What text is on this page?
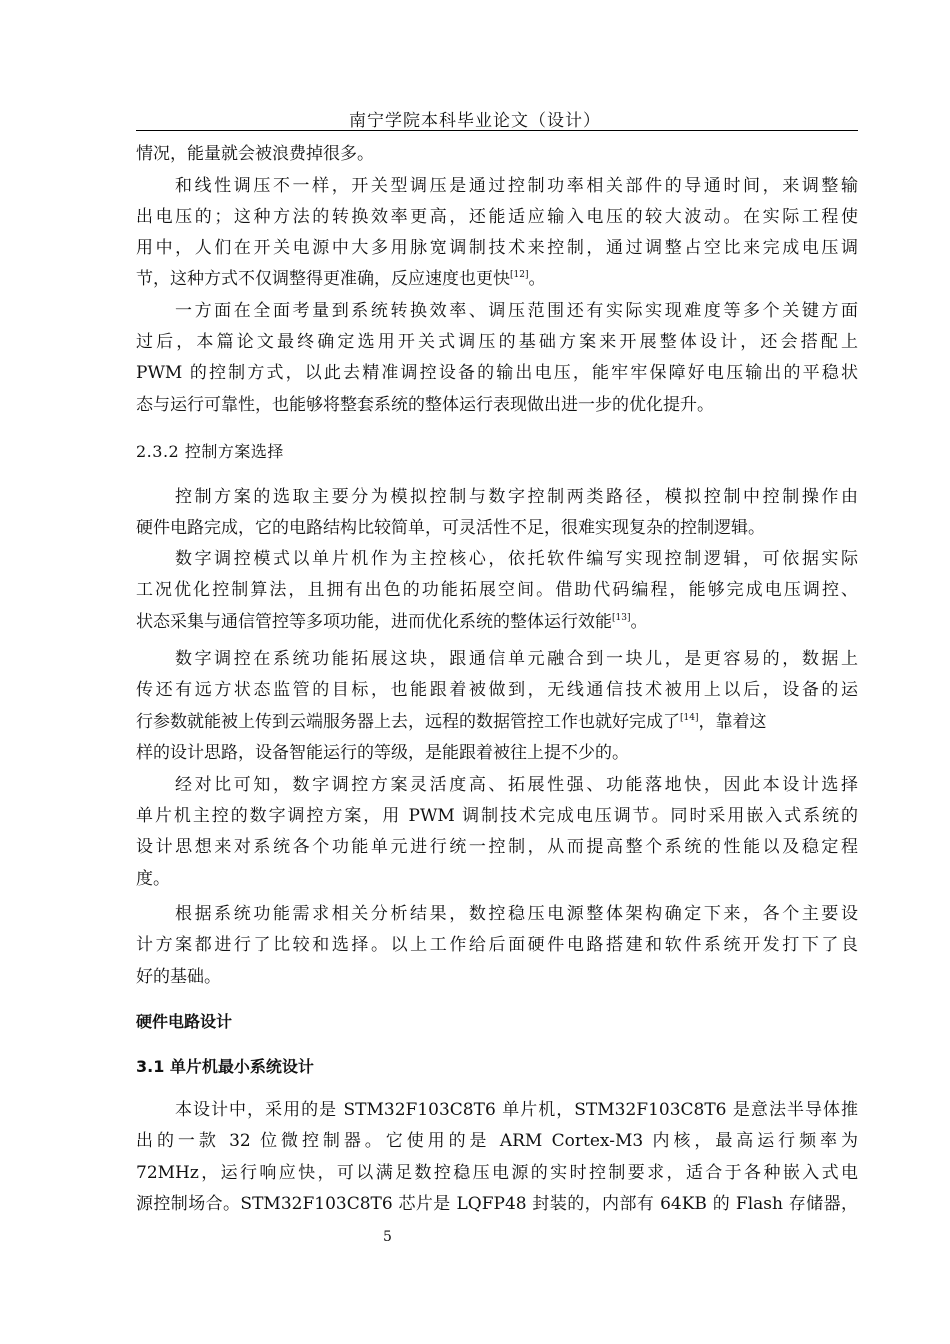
南宁学院本科毕业论文（设计）
情况，能量就会被浪费掉很多。
和线性调压不一样，开关型调压是通过控制功率相关部件的导通时间，来调整输
出电压的；这种方法的转换效率更高，还能适应输入电压的较大波动。在实际工程使
用中，人们在开关电源中大多用脉宽调制技术来控制，通过调整占空比来完成电压调
节，这种方式不仅调整得更准确，反应速度也更快[12]。
一方面在全面考量到系统转换效率、调压范围还有实际实现难度等多个关键方面
过后，本篇论文最终确定选用开关式调压的基础方案来开展整体设计，还会搭配上
PWM 的控制方式，以此去精准调控设备的输出电压，能牢牢保障好电压输出的平稳状
态与运行可靠性，也能够将整套系统的整体运行表现做出进一步的优化提升。
2.3.2 控制方案选择
控制方案的选取主要分为模拟控制与数字控制两类路径，模拟控制中控制操作由
硬件电路完成，它的电路结构比较简单，可灵活性不足，很难实现复杂的控制逻辑。
数字调控模式以单片机作为主控核心，依托软件编写实现控制逻辑，可依据实际
工况优化控制算法，且拥有出色的功能拓展空间。借助代码编程，能够完成电压调控、
状态采集与通信管控等多项功能，进而优化系统的整体运行效能[13]。
数字调控在系统功能拓展这块，跟通信单元融合到一块儿，是更容易的，数据上
传还有远方状态监管的目标，也能跟着被做到，无线通信技术被用上以后，设备的运
行参数就能被上传到云端服务器上去，远程的数据管控工作也就好完成了[14]，靠着这
样的设计思路，设备智能运行的等级，是能跟着被往上提不少的。
经对比可知，数字调控方案灵活度高、拓展性强、功能落地快，因此本设计选择
单片机主控的数字调控方案，用 PWM 调制技术完成电压调节。同时采用嵌入式系统的
设计思想来对系统各个功能单元进行统一控制，从而提高整个系统的性能以及稳定程
度。
根据系统功能需求相关分析结果，数控稳压电源整体架构确定下来，各个主要设
计方案都进行了比较和选择。以上工作给后面硬件电路搭建和软件系统开发打下了良
好的基础。
硬件电路设计
3.1 单片机最小系统设计
本设计中，采用的是 STM32F103C8T6 单片机，STM32F103C8T6 是意法半导体推
出的一款 32 位微控制器。它使用的是 ARM Cortex-M3 内核，最高运行频率为
72MHz，运行响应快，可以满足数控稳压电源的实时控制要求，适合于各种嵌入式电
源控制场合。STM32F103C8T6 芯片是 LQFP48 封装的，内部有 64KB 的 Flash 存储器，
5
